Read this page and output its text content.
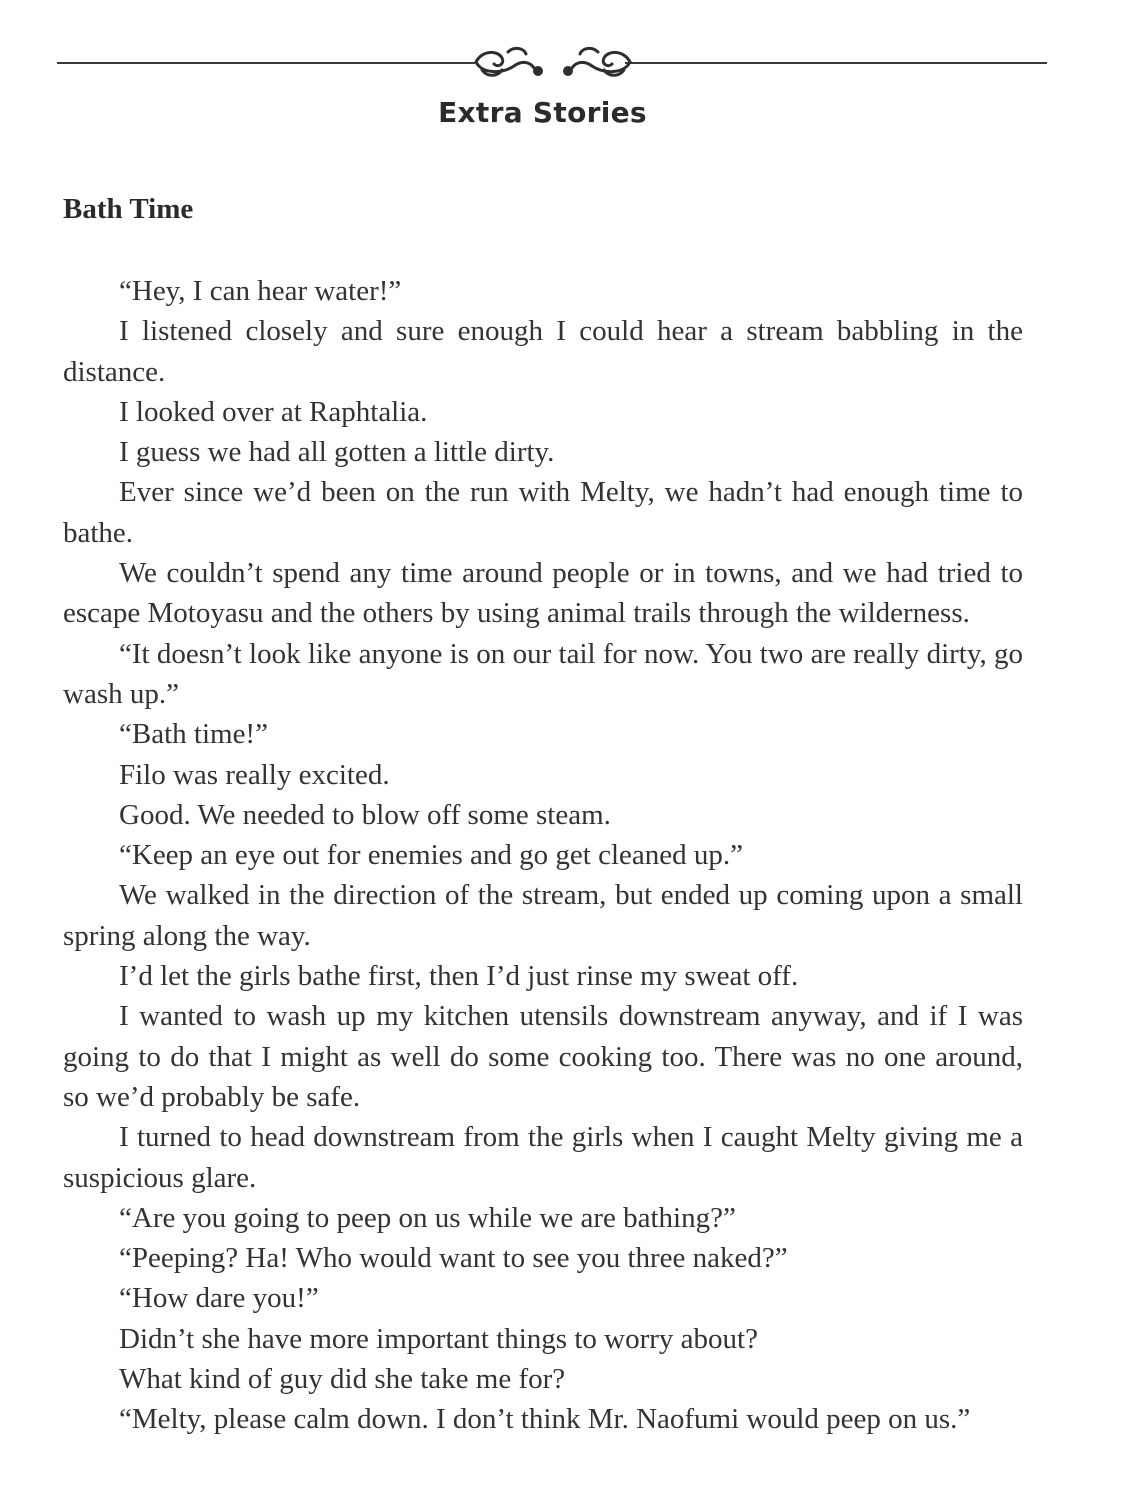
Extra Stories
Bath Time

“Hey, I can hear water!”

I listened closely and sure enough I could hear a stream babbling in the distance.

I looked over at Raphtalia.

I guess we had all gotten a little dirty.

Ever since we’d been on the run with Melty, we hadn’t had enough time to bathe.

We couldn’t spend any time around people or in towns, and we had tried to escape Motoyasu and the others by using animal trails through the wilderness.

“It doesn’t look like anyone is on our tail for now. You two are really dirty, go wash up.”

“Bath time!”

Filo was really excited.

Good. We needed to blow off some steam.

“Keep an eye out for enemies and go get cleaned up.”

We walked in the direction of the stream, but ended up coming upon a small spring along the way.

I’d let the girls bathe first, then I’d just rinse my sweat off.

I wanted to wash up my kitchen utensils downstream anyway, and if I was going to do that I might as well do some cooking too. There was no one around, so we’d probably be safe.

I turned to head downstream from the girls when I caught Melty giving me a suspicious glare.

“Are you going to peep on us while we are bathing?”

“Peeping? Ha! Who would want to see you three naked?”

“How dare you!”

Didn’t she have more important things to worry about?

What kind of guy did she take me for?

“Melty, please calm down. I don’t think Mr. Naofumi would peep on us.”
